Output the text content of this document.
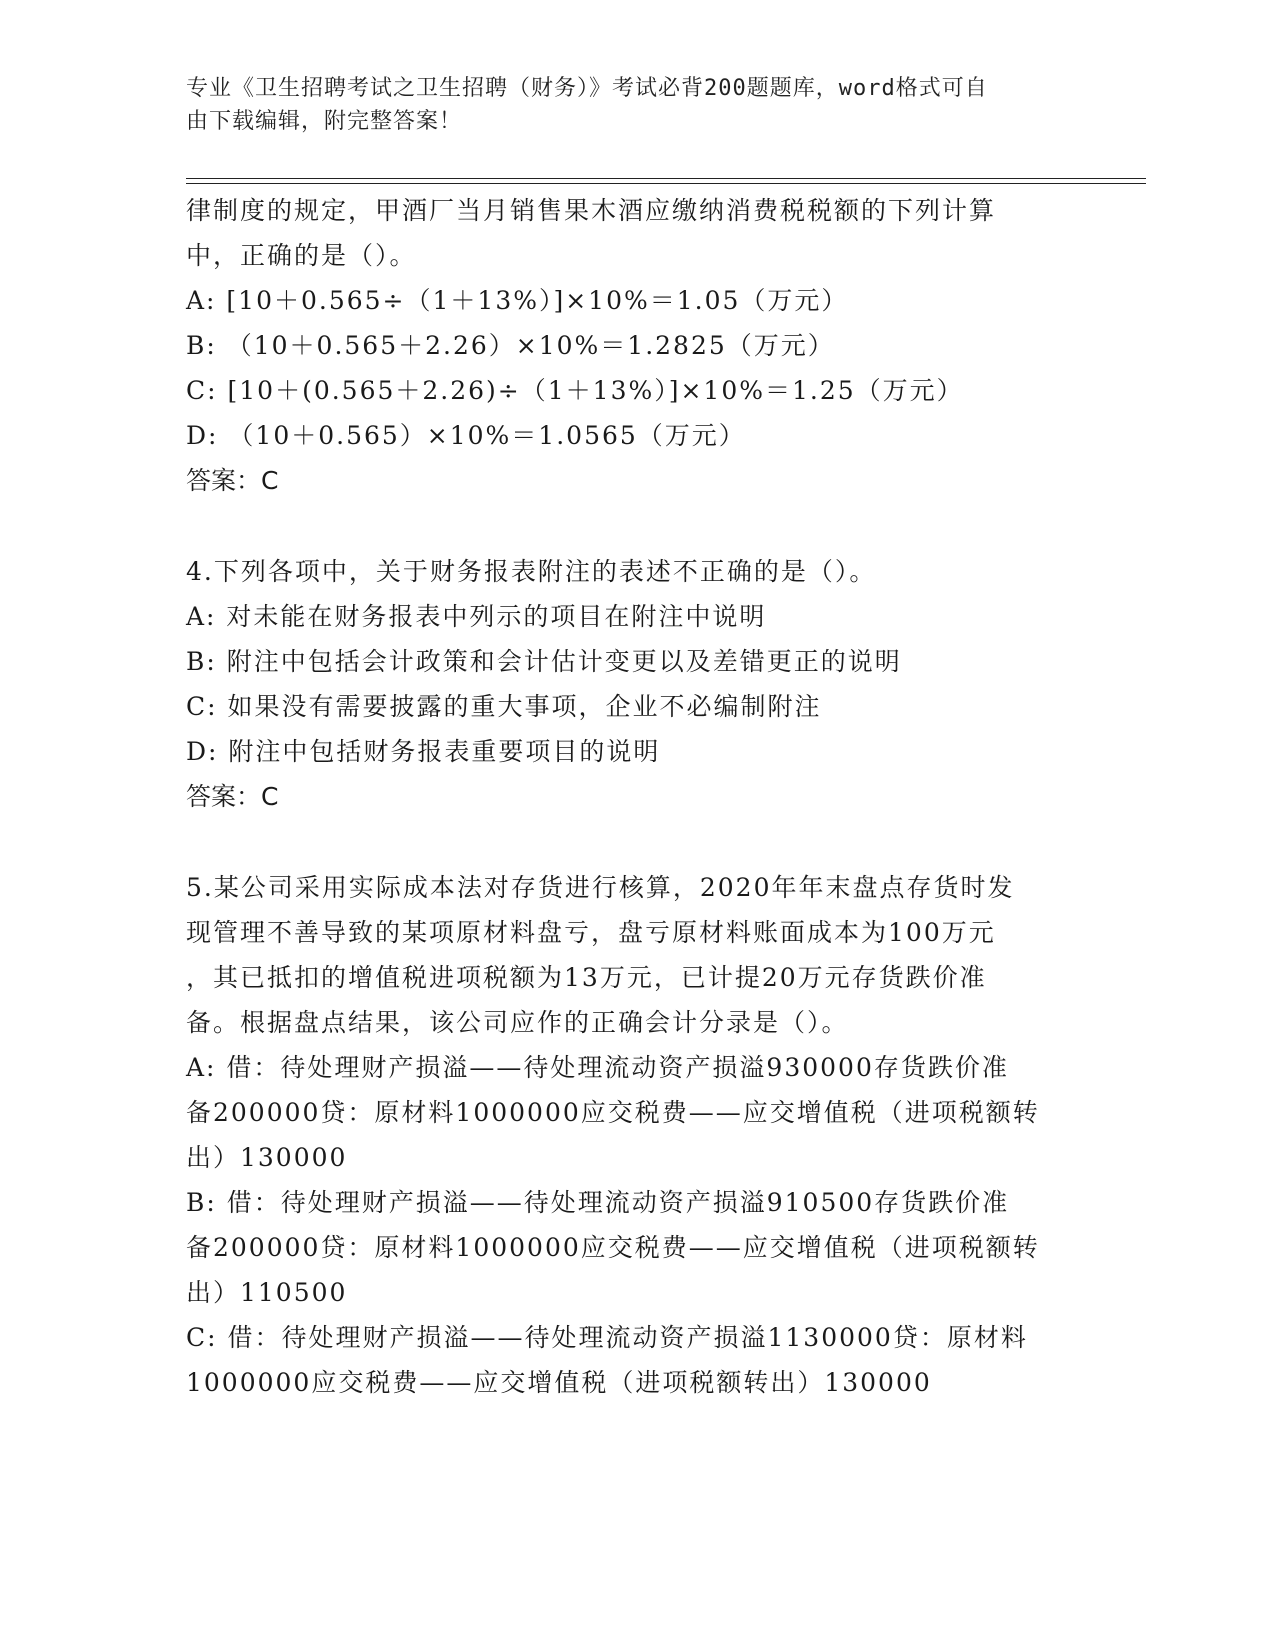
专业《卫生招聘考试之卫生招聘（财务）》考试必背200题题库，word格式可自
由下载编辑，附完整答案！
律制度的规定，甲酒厂当月销售果木酒应缴纳消费税税额的下列计算
中，正确的是（）。
A: [10＋0.565÷（1＋13%）]×10%＝1.05（万元）
B: （10＋0.565＋2.26）×10%＝1.2825（万元）
C: [10＋(0.565＋2.26)÷（1＋13%）]×10%＝1.25（万元）
D: （10＋0.565）×10%＝1.0565（万元）
答案：C
4.下列各项中，关于财务报表附注的表述不正确的是（）。
A: 对未能在财务报表中列示的项目在附注中说明
B: 附注中包括会计政策和会计估计变更以及差错更正的说明
C: 如果没有需要披露的重大事项，企业不必编制附注
D: 附注中包括财务报表重要项目的说明
答案：C
5.某公司采用实际成本法对存货进行核算，2020年年末盘点存货时发
现管理不善导致的某项原材料盘亏，盘亏原材料账面成本为100万元
，其已抵扣的增值税进项税额为13万元，已计提20万元存货跌价准
备。根据盘点结果，该公司应作的正确会计分录是（）。
A: 借：待处理财产损溢——待处理流动资产损溢930000存货跌价准
备200000贷：原材料1000000应交税费——应交增值税（进项税额转
出）130000
B: 借：待处理财产损溢——待处理流动资产损溢910500存货跌价准
备200000贷：原材料1000000应交税费——应交增值税（进项税额转
出）110500
C: 借：待处理财产损溢——待处理流动资产损溢1130000贷：原材料
1000000应交税费——应交增值税（进项税额转出）130000
